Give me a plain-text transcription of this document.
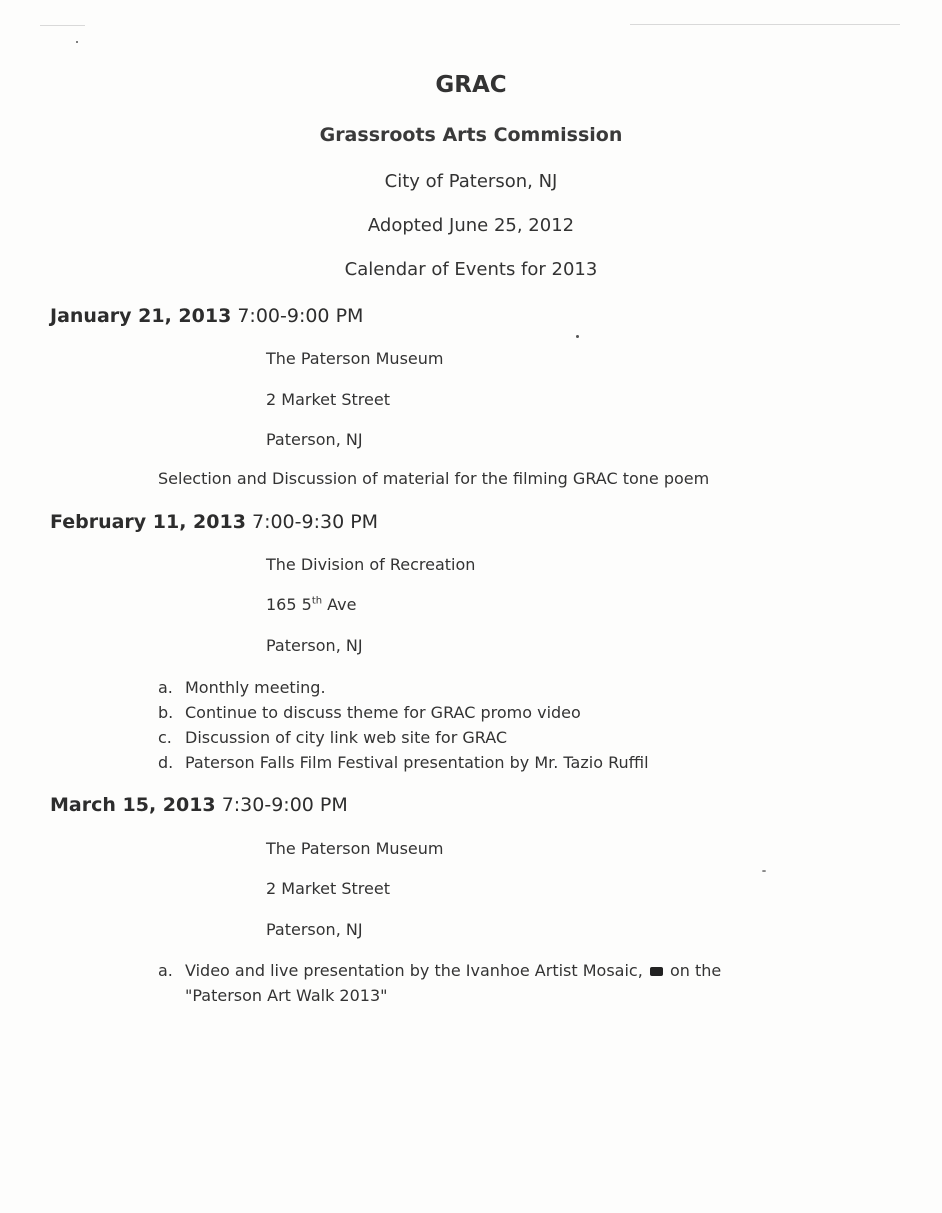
GRAC
Grassroots Arts Commission
City of Paterson, NJ
Adopted June 25, 2012
Calendar of Events for 2013
January 21, 2013 7:00-9:00 PM
The Paterson Museum
2 Market Street
Paterson, NJ
Selection and Discussion of material for the filming GRAC tone poem
February 11, 2013 7:00-9:30 PM
The Division of Recreation
165 5th Ave
Paterson, NJ
a. Monthly meeting.
b. Continue to discuss theme for GRAC promo video
c. Discussion of city link web site for GRAC
d. Paterson Falls Film Festival presentation by Mr. Tazio Ruffil
March 15, 2013 7:30-9:00 PM
The Paterson Museum
2 Market Street
Paterson, NJ
a. Video and live presentation by the Ivanhoe Artist Mosaic, on the
"Paterson Art Walk 2013"
